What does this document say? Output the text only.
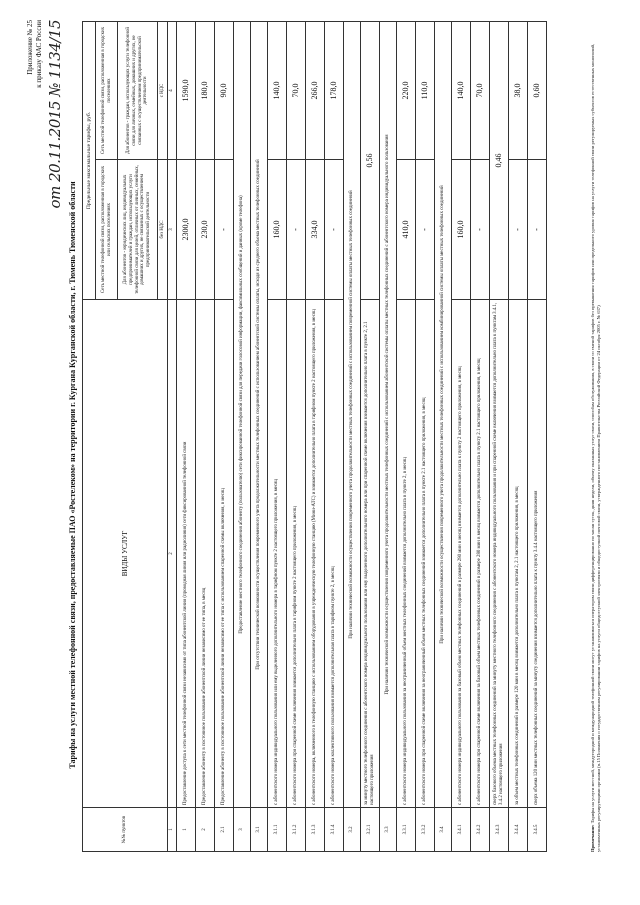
Приложение № 25 к приказу ФАС России от 20.11.2015 № 1134/15
Тарифы на услуги местной телефонной связи, предоставляемые ПАО «Ростелеком» на территории г. Кургана Курганской области, г. Тюмень Тюменской области
№№ пунктов	ВИДЫ УСЛУГ	Предельные максимальные тарифы, руб.	
		Сеть местной телефонной связи, расположенная в городских или сельских поселениях	Сеть местной телефонной связи, расположенная в городских поселениях
		Для абонентов - юридических лиц, индивидуальных предпринимателей и граждан, использующих услуги телефонной связи для целей, отличных от личных, семейных, домашних и других, не связанных с осуществлением предпринимательской деятельности	Для абонентов - граждан, использующих услуги телефонной связи для личных, семейных, домашних и других, не связанных с осуществлением предпринимательской деятельности
		без НДС	с НДС
1	2	3	4
1	Предоставление доступа к сети местной телефонной связи независимо от типа абонентской линии (проводная линия или радиолиния) сети фиксированной телефонной связи	2300,0	1590,0
2	Предоставление абоненту в постоянное пользование абонентской линии независимо от ее типа, в месяц	230,0	180,0
2.1	Предоставление абоненту в постоянное пользование абонентской линии независимо от ее типа с использованием спаренной схемы включения, в месяц	-	90,0
3	Предоставление местного телефонного соединения абоненту (пользователю) сети фиксированной телефонной связи для передачи голосовой информации, факсимильных сообщений и данных (кроме телефона)		
3.1	При отсутствии технической возможности осуществления повременного учета продолжительности местных телефонных соединений с использованием абонентской системы оплаты, исходя из среднего объема местных телефонных соединений		
3.1.1	с абонентского номера индивидуального пользования или ему выделенного дополнительного номера в тарифном пункте 2 настоящего приложения, в месяц	160,0	140,0
3.1.2	с абонентского номера при спаренной схеме включения взимается дополнительно плата в тарифном пункте 2 настоящего приложения, в месяц	-	70,0
3.1.3	с абонентского номера, включенного в телефонную станцию с использованием оборудования в учрежденческую телефонную станцию (Мини-АТС) и взимается дополнительно плата в тарифном пункте 2 настоящего приложения, в месяц	334,0	266,0
3.1.4	с абонентского номера коллективного пользования взимается дополнительная плата в тарифном пункте 2, в месяц	-	178,0
3.2	При наличии технической возможности осуществления повременного учета продолжительности местных телефонных соединений с использованием повременной системы оплаты местных телефонных соединений		
3.2.1	за минуту местного телефонного соединения с абонентского номера индивидуального пользования или ему выделенного дополнительного номера или при спаренной схеме включения взимается дополнительно плата в пункте 2, 2.1 настоящего приложения	0,56	
3.3	При наличии технической возможности осуществления повременного учета продолжительности местных телефонных соединений с использованием абонентской системы оплаты местных телефонных соединений с абонентского номера индивидуального пользования		
3.3.1	с абонентского номера индивидуального пользования за неограниченный объем местных телефонных соединений взимается дополнительно плата в пункте 2, в месяц	410,0	220,0
3.3.2	с абонентского номера при спаренной схеме включения за неограниченный объем местных телефонных соединений взимается дополнительно плата в пункте 2.1 настоящего приложения, в месяц	-	110,0
3.4	При наличии технической возможности осуществления повременного учета продолжительности местных телефонных соединений с использованием комбинированной системы оплаты местных телефонных соединений		
3.4.1	с абонентского номера индивидуального пользования за базовый объем местных телефонных соединений в размере 280 мин в месяц взимается дополнительно плата к пункту 2 настоящего приложения, в месяц	160,0	140,0
3.4.2	с абонентского номера при спаренной схеме включения за базовый объем местных телефонных соединений в размере 280 мин в месяц взимается дополнительно плата к пункту 2.1 настоящего приложения, в месяц	-	70,0
3.4.3	сверх базового объема местных телефонных соединений за минуту местного телефонного соединения с абонентского номера индивидуального пользования и при спаренной схеме включения взимается дополнительно плата к пунктам 3.4.1, 3.4.2 настоящего приложения	0,46	
3.4.4	за объем местных телефонных соединений в размере 120 мин в месяц взимается дополнительно плата к пунктам 2, 2.1 настоящего приложения, в месяц	-	38,0
3.4.5	сверх объема 120 мин местных телефонных соединений за минуту соединения взимается дополнительно плата к пункту 3.4.4 настоящего приложения	-	0,60
Примечание: Тарифы на услуги местной, междугородной и международной телефонной связи могут устанавливаться оператором связи дифференцированно по часам суток, дням недели, объему оказанных услуг связи, способам обслуживания, в связи со сменой тарифов без превышения тарифов или предельного уровня тарифов на услуги телефонной связи регулируемых субъектов естественных монополий, установленных регулирующими органами (п.15 Положения о государственном регулировании тарифов на услуги общедоступной электросвязи и общедоступной почтовой связи, утвержденного постановлением Правительства Российской Федерации от 24 октября 2005 г. № 637)
